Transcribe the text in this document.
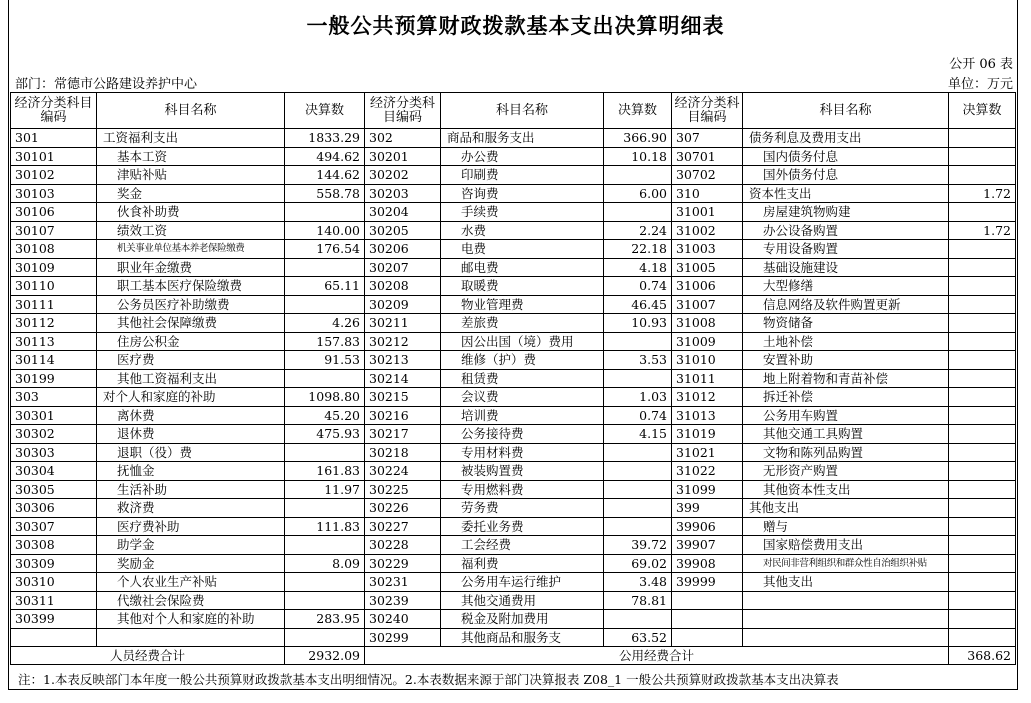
一般公共预算财政拨款基本支出决算明细表
公开 06 表
部门：常德市公路建设养护中心	单位：万元
经济分类科目编码	科目名称	决算数	经济分类科目编码	科目名称	决算数	经济分类科目编码	科目名称	决算数
301	工资福利支出	1833.29	302	商品和服务支出	366.90	307	债务利息及费用支出	
30101	基本工资	494.62	30201	办公费	10.18	30701	国内债务付息	
30102	津贴补贴	144.62	30202	印刷费		30702	国外债务付息	
30103	奖金	558.78	30203	咨询费	6.00	310	资本性支出	1.72
30106	伙食补助费		30204	手续费		31001	房屋建筑物购建	
30107	绩效工资	140.00	30205	水费	2.24	31002	办公设备购置	1.72
30108	机关事业单位基本养老保险缴费	176.54	30206	电费	22.18	31003	专用设备购置	
30109	职业年金缴费		30207	邮电费	4.18	31005	基础设施建设	
30110	职工基本医疗保险缴费	65.11	30208	取暖费	0.74	31006	大型修缮	
30111	公务员医疗补助缴费		30209	物业管理费	46.45	31007	信息网络及软件购置更新	
30112	其他社会保障缴费	4.26	30211	差旅费	10.93	31008	物资储备	
30113	住房公积金	157.83	30212	因公出国（境）费用		31009	土地补偿	
30114	医疗费	91.53	30213	维修（护）费	3.53	31010	安置补助	
30199	其他工资福利支出		30214	租赁费		31011	地上附着物和青苗补偿	
303	对个人和家庭的补助	1098.80	30215	会议费	1.03	31012	拆迁补偿	
30301	离休费	45.20	30216	培训费	0.74	31013	公务用车购置	
30302	退休费	475.93	30217	公务接待费	4.15	31019	其他交通工具购置	
30303	退职（役）费		30218	专用材料费		31021	文物和陈列品购置	
30304	抚恤金	161.83	30224	被装购置费		31022	无形资产购置	
30305	生活补助	11.97	30225	专用燃料费		31099	其他资本性支出	
30306	救济费		30226	劳务费		399	其他支出	
30307	医疗费补助	111.83	30227	委托业务费		39906	赠与	
30308	助学金		30228	工会经费	39.72	39907	国家赔偿费用支出	
30309	奖励金	8.09	30229	福利费	69.02	39908	对民间非营利组织和群众性自治组织补贴	
30310	个人农业生产补贴		30231	公务用车运行维护	3.48	39999	其他支出	
30311	代缴社会保险费		30239	其他交通费用	78.81			
30399	其他对个人和家庭的补助	283.95	30240	税金及附加费用				
			30299	其他商品和服务支	63.52			
人员经费合计		2932.09	公用经费合计					368.62
注：1.本表反映部门本年度一般公共预算财政拨款基本支出明细情况。2.本表数据来源于部门决算报表 Z08_1 一般公共预算财政拨款基本支出决算表
